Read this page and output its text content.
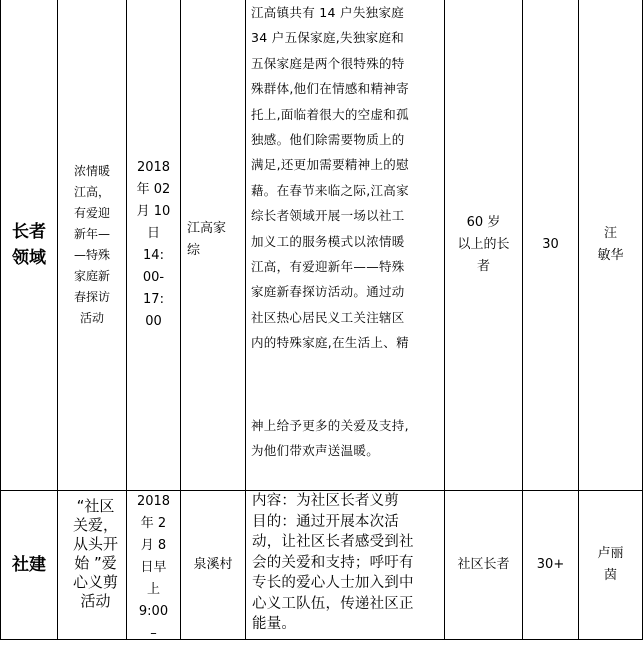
长者
领域
浓情暖
江高，
有爱迎
新年—
—特殊
家庭新
春探访
活动
2018
年 02
月 10
日
14:
00-
17:
00
江高家
综
江高镇共有 14 户失独家庭
34 户五保家庭,失独家庭和
五保家庭是两个很特殊的特
殊群体,他们在情感和精神寄
托上,面临着很大的空虚和孤
独感。他们除需要物质上的
满足,还更加需要精神上的慰
藉。在春节来临之际,江高家
综长者领域开展一场以社工
加义工的服务模式以浓情暖
江高，有爱迎新年——特殊
家庭新春探访活动。通过动
社区热心居民义工关注辖区
内的特殊家庭,在生活上、精
神上给予更多的关爱及支持,
为他们带欢声送温暖。
60 岁
以上的长
者
30
汪
敏华
社建
“社区
关爱，
从头开
始 ”爱
心义剪
活动
2018
年 2
月 8
日早
上
9:00
–
泉溪村
内容：为社区长者义剪
目的：通过开展本次活
动，让社区长者感受到社
会的关爱和支持；呼吁有
专长的爱心人士加入到中
心义工队伍，传递社区正
能量。
社区长者	30+
卢丽
茵
